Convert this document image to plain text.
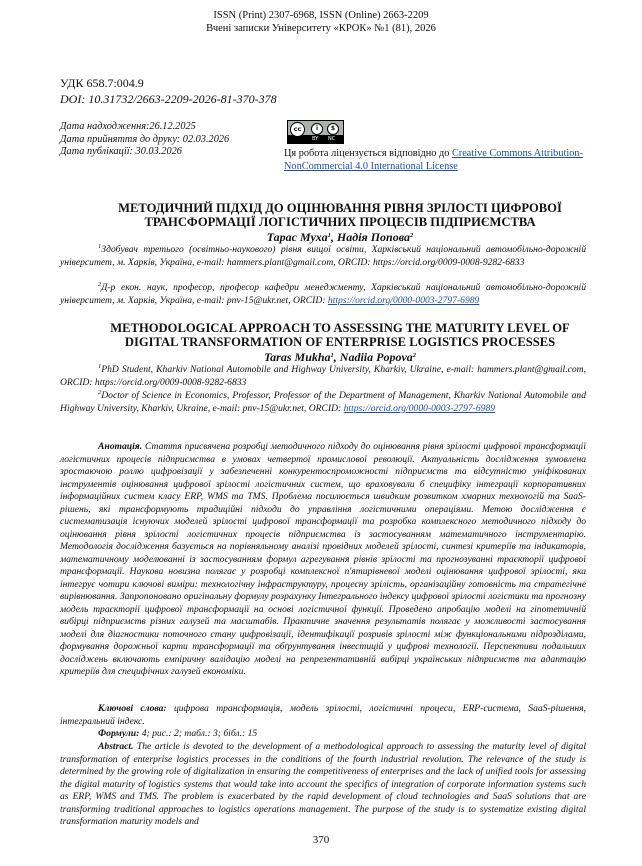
ISSN (Print) 2307-6968, ISSN (Online) 2663-2209
Вчені записки Університету «КРОК» №1 (81), 2026
УДК 658.7:004.9
DOI: 10.31732/2663-2209-2026-81-370-378
Дата надходження:26.12.2025
Дата прийняття до друку: 02.03.2026
Дата публікації: 30.03.2026
cc	i	$
BY NC
Ця робота ліцензується відповідно до Creative Commons Attribution-NonCommercial 4.0 International License
МЕТОДИЧНИЙ ПІДХІД ДО ОЦІНЮВАННЯ РІВНЯ ЗРІЛОСТІ ЦИФРОВОЇ
ТРАНСФОРМАЦІЇ ЛОГІСТИЧНИХ ПРОЦЕСІВ ПІДПРИЄМСТВА
Тарас Муха$^1$, Надія Попова$^2$
$^1$Здобувач третього (освітньо-наукового) рівня вищої освіти, Харківський національний автомобільно-дорожній університет, м. Харків, Україна, e-mail: hammers.plant@gmail.com, ORCID: https://orcid.org/0009-0008-9282-6833
$^2$Д-р екон. наук, професор, професор кафедри менеджменту, Харківський національний автомобільно-дорожній університет, м. Харків, Україна, e-mail: pnv-15@ukr.net, ORCID: https://orcid.org/0000-0003-2797-6989
METHODOLOGICAL APPROACH TO ASSESSING THE MATURITY LEVEL OF
DIGITAL TRANSFORMATION OF ENTERPRISE LOGISTICS PROCESSES
Taras Mukha$^1$, Nadiia Popova$^2$
$^1$PhD Student, Kharkiv National Automobile and Highway University, Kharkiv, Ukraine, e-mail: hammers.plant@gmail.com, ORCID: https://orcid.org/0009-0008-9282-6833
$^2$Doctor of Science in Economics, Professor, Professor of the Department of Management, Kharkiv National Automobile and Highway University, Kharkiv, Ukraine, e-mail: pnv-15@ukr.net, ORCID: https://orcid.org/0000-0003-2797-6989
Анотація. Стаття присвячена розробці методичного підходу до оцінювання рівня зрілості цифрової трансформації логістичних процесів підприємства в умовах четвертої промислової революції. Актуальність дослідження зумовлена зростаючою роллю цифровізації у забезпеченні конкурентоспроможності підприємств та відсутністю уніфікованих інструментів оцінювання цифрової зрілості логістичних систем, що враховували б специфіку інтеграції корпоративних інформаційних систем класу ERP, WMS та TMS. Проблема посилюється швидким розвитком хмарних технологій та SaaS-рішень, які трансформують традиційні підходи до управління логістичними операціями. Метою дослідження є систематизація існуючих моделей зрілості цифрової трансформації та розробка комплексного методичного підходу до оцінювання рівня зрілості логістичних процесів підприємства із застосуванням математичного інструментарію. Методологія дослідження базується на порівняльному аналізі провідних моделей зрілості, синтезі критеріїв та індикаторів, математичному моделюванні із застосуванням формул агрегування рівнів зрілості та прогнозуванні траєкторії цифрової трансформації. Наукова новизна полягає у розробці комплексної п'ятирівневої моделі оцінювання цифрової зрілості, яка інтегрує чотири ключові виміри: технологічну інфраструктуру, процесну зрілість, організаційну готовність та стратегічне вирівнювання. Запропоновано оригінальну формулу розрахунку Інтегрального індексу цифрової зрілості логістики та прогнозну модель траєкторії цифрової трансформації на основі логістичної функції. Проведено апробацію моделі на гіпотетичній вибірці підприємств різних галузей та масштабів. Практичне значення результатів полягає у можливості застосування моделі для діагностики поточного стану цифровізації, ідентифікації розривів зрілості між функціональними підрозділами, формування дорожньої карти трансформації та обґрунтування інвестицій у цифрові технології. Перспективи подальших досліджень включають емпіричну валідацію моделі на репрезентативній вибірці українських підприємств та адаптацію критеріїв для специфічних галузей економіки.
Ключові слова: цифрова трансформація, модель зрілості, логістичні процеси, ERP-система, SaaS-рішення, інтегральний індекс.
Формули: 4; рис.: 2; табл.: 3; бібл.: 15
Abstract. The article is devoted to the development of a methodological approach to assessing the maturity level of digital transformation of enterprise logistics processes in the conditions of the fourth industrial revolution. The relevance of the study is determined by the growing role of digitalization in ensuring the competitiveness of enterprises and the lack of unified tools for assessing the digital maturity of logistics systems that would take into account the specifics of integration of corporate information systems such as ERP, WMS and TMS. The problem is exacerbated by the rapid development of cloud technologies and SaaS solutions that are transforming traditional approaches to logistics operations management. The purpose of the study is to systematize existing digital transformation maturity models and
370
